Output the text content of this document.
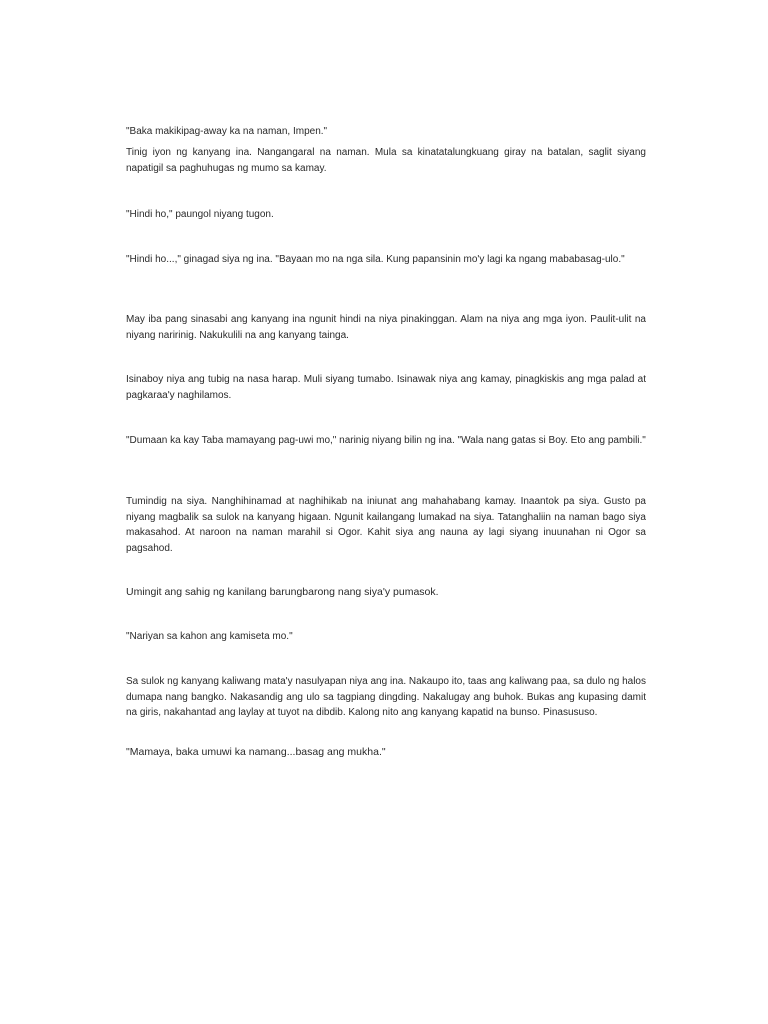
"Baka makikipag-away ka na naman, Impen."

Tinig iyon ng kanyang ina. Nangangaral na naman. Mula sa kinatatalungkuang giray na batalan, saglit siyang napatigil sa paghuhugas ng mumo sa kamay.

"Hindi ho," paungol niyang tugon.

"Hindi ho...," ginagad siya ng ina. "Bayaan mo na nga sila. Kung papansinin mo'y lagi ka ngang mababasag-ulo."

May iba pang sinasabi ang kanyang ina ngunit hindi na niya pinakinggan. Alam na niya ang mga iyon. Paulit-ulit na niyang naririnig. Nakukulili na ang kanyang tainga.

Isinaboy niya ang tubig na nasa harap. Muli siyang tumabo. Isinawak niya ang kamay, pinagkiskis ang mga palad at pagkaraa'y naghilamos.

"Dumaan ka kay Taba mamayang pag-uwi mo," narinig niyang bilin ng ina. "Wala nang gatas si Boy. Eto ang pambili."

Tumindig na siya. Nanghihinamad at naghihikab na iniunat ang mahahabang kamay. Inaantok pa siya. Gusto pa niyang magbalik sa sulok na kanyang higaan. Ngunit kailangang lumakad na siya. Tatanghaliin na naman bago siya makasahod. At naroon na naman marahil si Ogor. Kahit siya ang nauna ay lagi siyang inuunahan ni Ogor sa pagsahod.

Umingit ang sahig ng kanilang barungbarong nang siya'y pumasok.

"Nariyan sa kahon ang kamiseta mo."

Sa sulok ng kanyang kaliwang mata'y nasulyapan niya ang ina. Nakaupo ito, taas ang kaliwang paa, sa dulo ng halos dumapa nang bangko. Nakasandig ang ulo sa tagpiang dingding. Nakalugay ang buhok. Bukas ang kupasing damit na giris, nakahantad ang laylay at tuyot na dibdib. Kalong nito ang kanyang kapatid na bunso. Pinasususo.

"Mamaya, baka umuwi ka namang...basag ang mukha."
